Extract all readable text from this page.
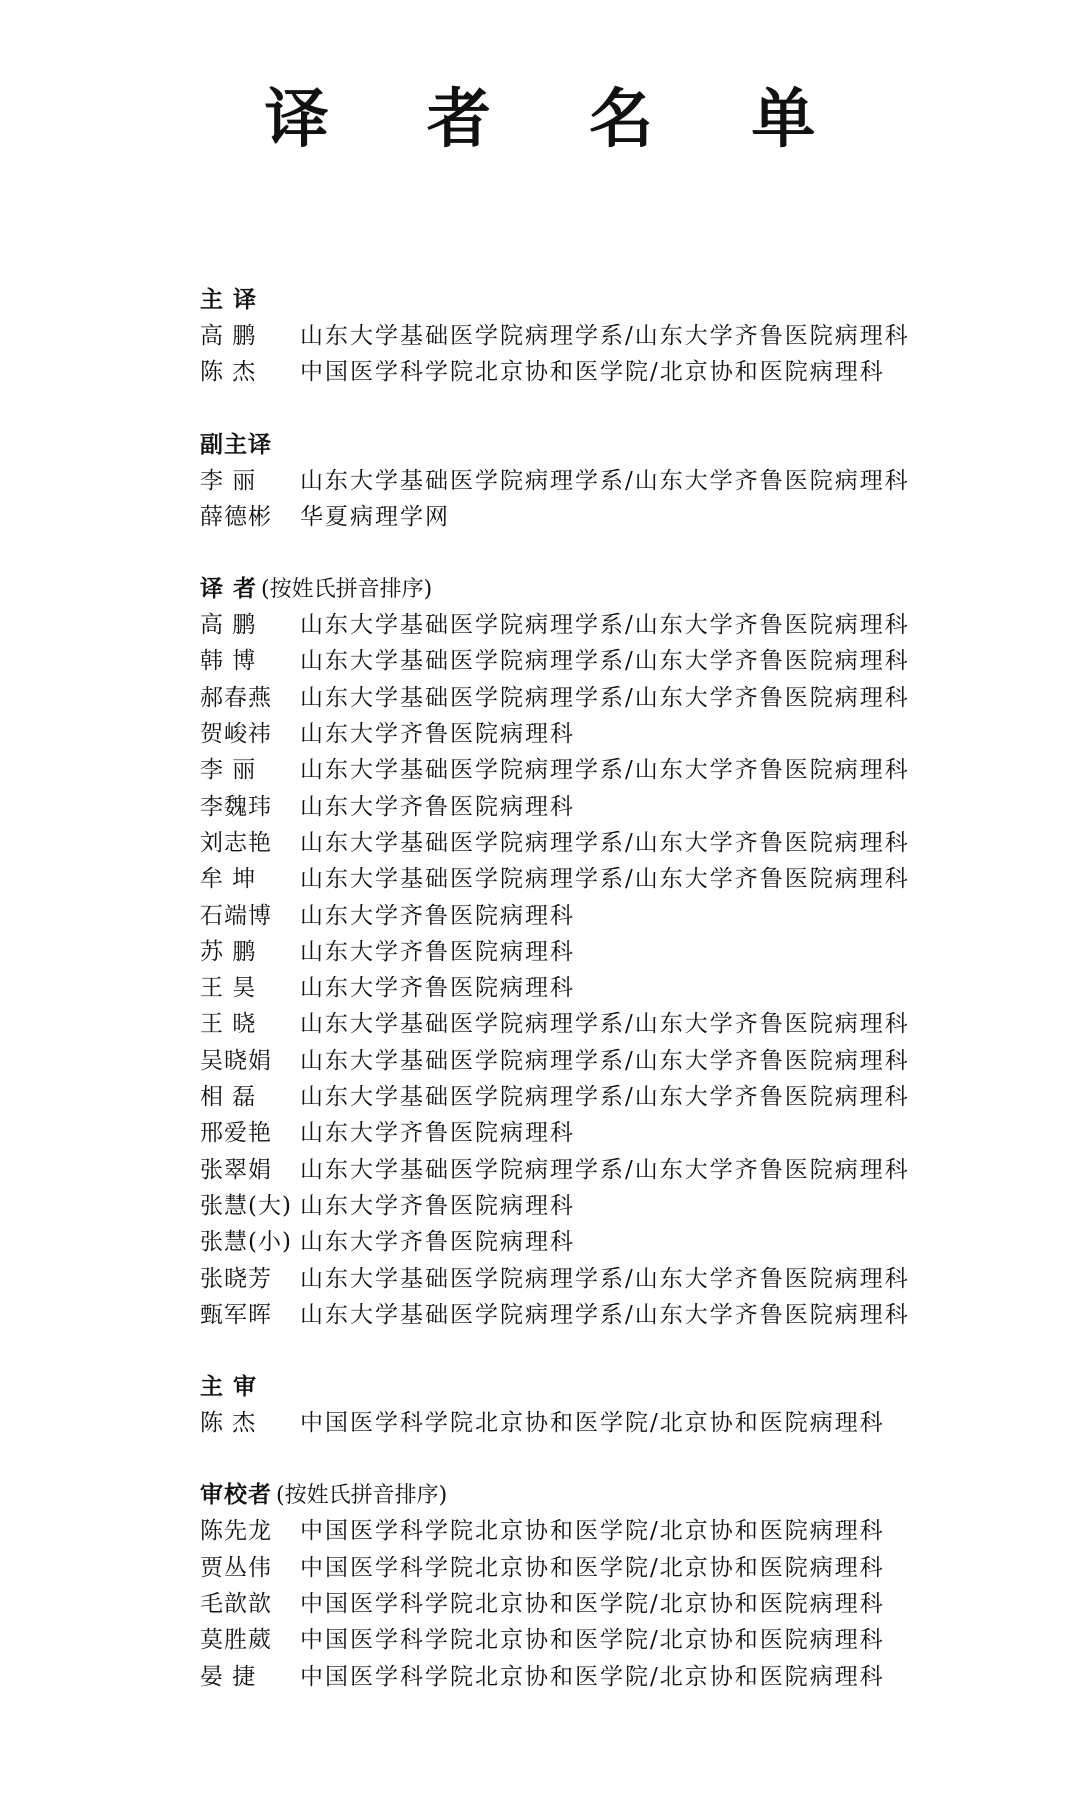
译 者 名 单
主 译
高 鹏 山东大学基础医学院病理学系/山东大学齐鲁医院病理科
陈 杰 中国医学科学院北京协和医学院/北京协和医院病理科
副主译
李 丽 山东大学基础医学院病理学系/山东大学齐鲁医院病理科
薛德彬 华夏病理学网
译 者 (按姓氏拼音排序)
高 鹏 山东大学基础医学院病理学系/山东大学齐鲁医院病理科
韩 博 山东大学基础医学院病理学系/山东大学齐鲁医院病理科
郝春燕 山东大学基础医学院病理学系/山东大学齐鲁医院病理科
贺峻祎 山东大学齐鲁医院病理科
李 丽 山东大学基础医学院病理学系/山东大学齐鲁医院病理科
李魏玮 山东大学齐鲁医院病理科
刘志艳 山东大学基础医学院病理学系/山东大学齐鲁医院病理科
牟 坤 山东大学基础医学院病理学系/山东大学齐鲁医院病理科
石端博 山东大学齐鲁医院病理科
苏 鹏 山东大学齐鲁医院病理科
王 昊 山东大学齐鲁医院病理科
王 晓 山东大学基础医学院病理学系/山东大学齐鲁医院病理科
吴晓娟 山东大学基础医学院病理学系/山东大学齐鲁医院病理科
相 磊 山东大学基础医学院病理学系/山东大学齐鲁医院病理科
邢爱艳 山东大学齐鲁医院病理科
张翠娟 山东大学基础医学院病理学系/山东大学齐鲁医院病理科
张慧(大) 山东大学齐鲁医院病理科
张慧(小) 山东大学齐鲁医院病理科
张晓芳 山东大学基础医学院病理学系/山东大学齐鲁医院病理科
甄军晖 山东大学基础医学院病理学系/山东大学齐鲁医院病理科
主 审
陈 杰 中国医学科学院北京协和医学院/北京协和医院病理科
审校者 (按姓氏拼音排序)
陈先龙 中国医学科学院北京协和医学院/北京协和医院病理科
贾丛伟 中国医学科学院北京协和医学院/北京协和医院病理科
毛歆歆 中国医学科学院北京协和医学院/北京协和医院病理科
莫胜葳 中国医学科学院北京协和医学院/北京协和医院病理科
晏 捷 中国医学科学院北京协和医学院/北京协和医院病理科
